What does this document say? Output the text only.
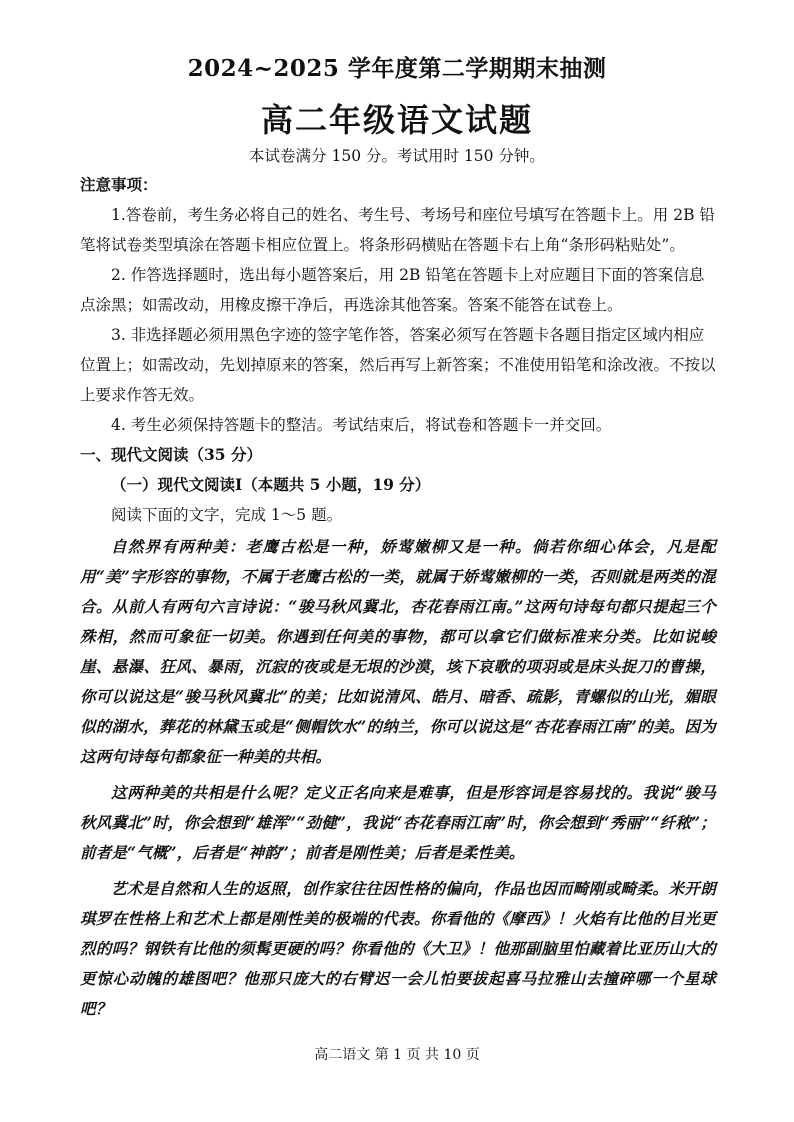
2024~2025 学年度第二学期期末抽测
高二年级语文试题
本试卷满分 150 分。考试用时 150 分钟。

注意事项：

1.答卷前，考生务必将自己的姓名、考生号、考场号和座位号填写在答题卡上。用 2B 铅笔将试卷类型填涂在答题卡相应位置上。将条形码横贴在答题卡右上角“条形码粘贴处”。

2. 作答选择题时，选出每小题答案后，用 2B 铅笔在答题卡上对应题目下面的答案信息点涂黑；如需改动，用橡皮擦干净后，再选涂其他答案。答案不能答在试卷上。

3. 非选择题必须用黑色字迹的签字笔作答，答案必须写在答题卡各题目指定区域内相应位置上；如需改动，先划掉原来的答案，然后再写上新答案；不准使用铅笔和涂改液。不按以上要求作答无效。

4. 考生必须保持答题卡的整洁。考试结束后，将试卷和答题卡一并交回。

一、现代文阅读（35 分）

（一）现代文阅读Ⅰ（本题共 5 小题，19 分）

阅读下面的文字，完成 1～5 题。

自然界有两种美：老鹰古松是一种，娇莺嫩柳又是一种。倘若你细心体会，凡是配用“美”字形容的事物，不属于老鹰古松的一类，就属于娇莺嫩柳的一类，否则就是两类的混合。从前人有两句六言诗说：“骏马秋风冀北，杏花春雨江南。”这两句诗每句都只提起三个殊相，然而可象征一切美。你遇到任何美的事物，都可以拿它们做标准来分类。比如说峻崖、悬瀑、狂风、暴雨，沉寂的夜或是无垠的沙漠，垓下哀歌的项羽或是床头捉刀的曹操，你可以说这是“骏马秋风冀北”的美；比如说清风、皓月、暗香、疏影，青螺似的山光，媚眼似的湖水，葬花的林黛玉或是“侧帽饮水”的纳兰，你可以说这是“杏花春雨江南”的美。因为这两句诗每句都象征一种美的共相。

这两种美的共相是什么呢？定义正名向来是难事，但是形容词是容易找的。我说“骏马秋风冀北”时，你会想到“雄浑”“劲健”，我说“杏花春雨江南”时，你会想到“秀丽”“纤秾”；前者是“气概”，后者是“神韵”；前者是刚性美；后者是柔性美。

艺术是自然和人生的返照，创作家往往因性格的偏向，作品也因而畸刚或畸柔。米开朗琪罗在性格上和艺术上都是刚性美的极端的代表。你看他的《摩西》！火焰有比他的目光更烈的吗？钢铁有比他的须髯更硬的吗？你看他的《大卫》！他那副脑里怕藏着比亚历山大的更惊心动魄的雄图吧？他那只庞大的右臂迟一会儿怕要拔起喜马拉雅山去撞碎哪一个星球吧？

高二语文 第 1 页 共 10 页
